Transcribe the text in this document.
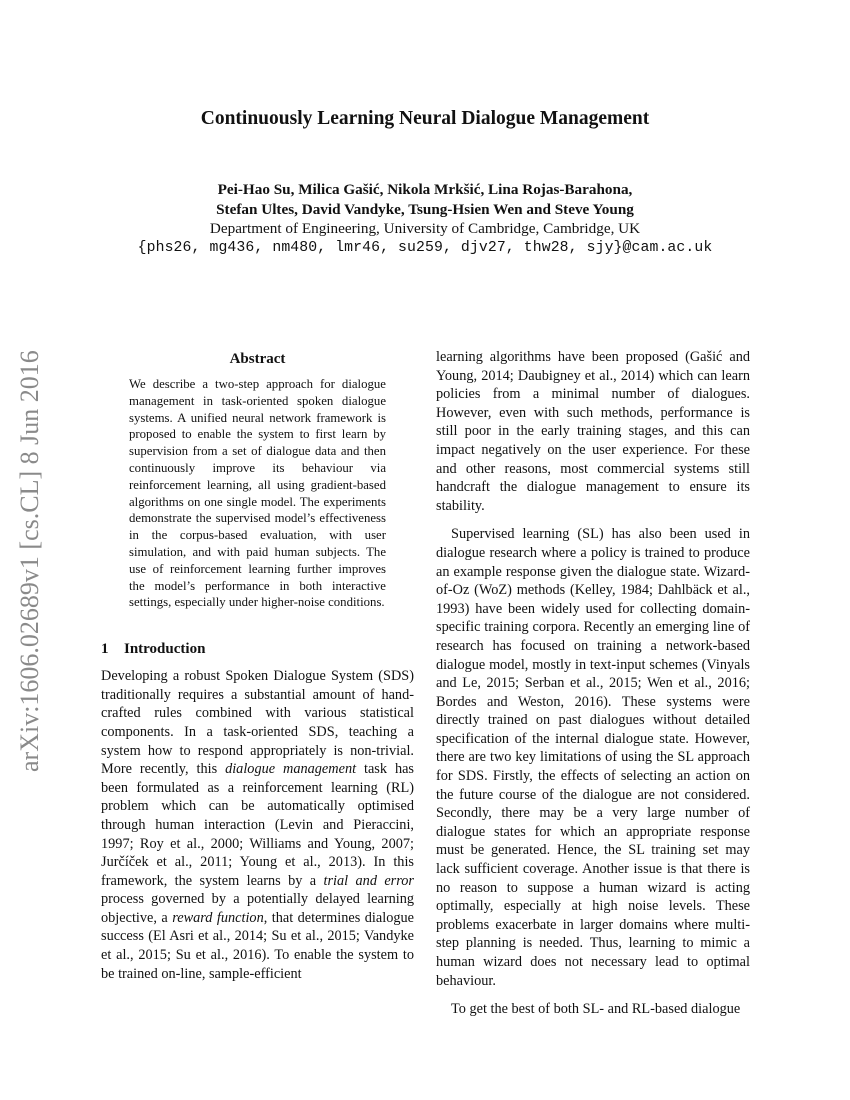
arXiv:1606.02689v1 [cs.CL] 8 Jun 2016
Continuously Learning Neural Dialogue Management
Pei-Hao Su, Milica Gašić, Nikola Mrkšić, Lina Rojas-Barahona,
Stefan Ultes, David Vandyke, Tsung-Hsien Wen and Steve Young
Department of Engineering, University of Cambridge, Cambridge, UK
{phs26, mg436, nm480, lmr46, su259, djv27, thw28, sjy}@cam.ac.uk
Abstract

We describe a two-step approach for dialogue management in task-oriented spoken dialogue systems. A unified neural network framework is proposed to enable the system to first learn by supervision from a set of dialogue data and then continuously improve its behaviour via reinforcement learning, all using gradient-based algorithms on one single model. The experiments demonstrate the supervised model’s effectiveness in the corpus-based evaluation, with user simulation, and with paid human subjects. The use of reinforcement learning further improves the model’s performance in both interactive settings, especially under higher-noise conditions.

1 Introduction

Developing a robust Spoken Dialogue System (SDS) traditionally requires a substantial amount of hand-crafted rules combined with various statistical components. In a task-oriented SDS, teaching a system how to respond appropriately is non-trivial. More recently, this dialogue management task has been formulated as a reinforcement learning (RL) problem which can be automatically optimised through human interaction (Levin and Pieraccini, 1997; Roy et al., 2000; Williams and Young, 2007; Jurčíček et al., 2011; Young et al., 2013). In this framework, the system learns by a trial and error process governed by a potentially delayed learning objective, a reward function, that determines dialogue success (El Asri et al., 2014; Su et al., 2015; Vandyke et al., 2015; Su et al., 2016). To enable the system to be trained on-line, sample-efficient

learning algorithms have been proposed (Gašić and Young, 2014; Daubigney et al., 2014) which can learn policies from a minimal number of dialogues. However, even with such methods, performance is still poor in the early training stages, and this can impact negatively on the user experience. For these and other reasons, most commercial systems still handcraft the dialogue management to ensure its stability.

Supervised learning (SL) has also been used in dialogue research where a policy is trained to produce an example response given the dialogue state. Wizard-of-Oz (WoZ) methods (Kelley, 1984; Dahlbäck et al., 1993) have been widely used for collecting domain-specific training corpora. Recently an emerging line of research has focused on training a network-based dialogue model, mostly in text-input schemes (Vinyals and Le, 2015; Serban et al., 2015; Wen et al., 2016; Bordes and Weston, 2016). These systems were directly trained on past dialogues without detailed specification of the internal dialogue state. However, there are two key limitations of using the SL approach for SDS. Firstly, the effects of selecting an action on the future course of the dialogue are not considered. Secondly, there may be a very large number of dialogue states for which an appropriate response must be generated. Hence, the SL training set may lack sufficient coverage. Another issue is that there is no reason to suppose a human wizard is acting optimally, especially at high noise levels. These problems exacerbate in larger domains where multi-step planning is needed. Thus, learning to mimic a human wizard does not necessary lead to optimal behaviour.

To get the best of both SL- and RL-based dialogue
